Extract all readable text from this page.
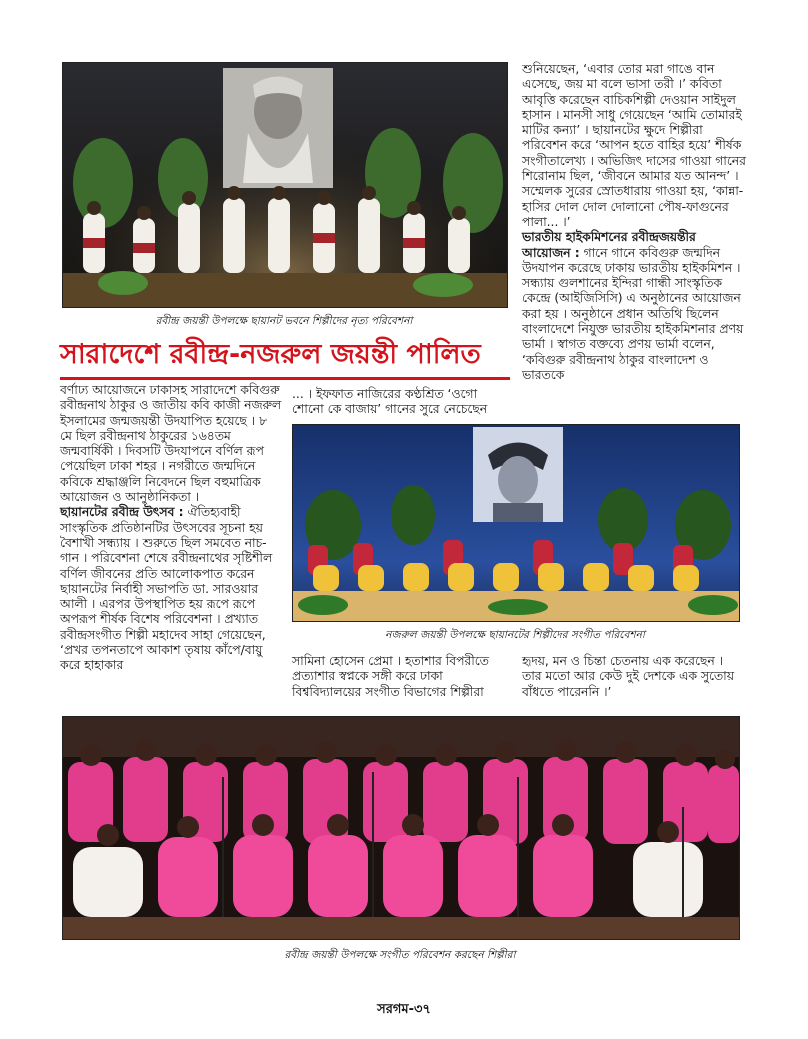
রবীন্দ্র জয়ন্তী উপলক্ষে ছায়ানট ভবনে শিল্পীদের নৃত্য পরিবেশনা
সারাদেশে রবীন্দ্র-নজরুল জয়ন্তী পালিত

শুনিয়েছেন, ‘এবার তোর মরা গাঙে বান এসেছে, জয় মা বলে ভাসা তরী ।’ কবিতা আবৃত্তি করেছেন বাচিকশিল্পী দেওয়ান সাইদুল হাসান । মানসী সাধু গেয়েছেন ‘আমি তোমারই মাটির কন্যা’ । ছায়ানটের ক্ষুদে শিল্পীরা পরিবেশন করে ‘আপন হতে বাহির হয়ে’ শীর্ষক সংগীতালেখ্য । অভিজিৎ দাসের গাওয়া গানের শিরোনাম ছিল, ‘জীবনে আমার যত আনন্দ’ । সম্মেলক সুরের স্রোতধারায় গাওয়া হয়, ‘কান্না-হাসির দোল দোল দোলানো পৌষ-ফাগুনের পালা... ।’

ভারতীয় হাইকমিশনের রবীন্দ্রজয়ন্তীর আয়োজন : গানে গানে কবিগুরু জন্মদিন উদযাপন করেছে ঢাকায় ভারতীয় হাইকমিশন । সন্ধ্যায় গুলশানের ইন্দিরা গান্ধী সাংস্কৃতিক কেন্দ্রে (আইজিসিসি) এ অনুষ্ঠানের আয়োজন করা হয় । অনুষ্ঠানে প্রধান অতিথি ছিলেন বাংলাদেশে নিযুক্ত ভারতীয় হাইকমিশনার প্রণয় ভার্মা । স্বাগত বক্তব্যে প্রণয় ভার্মা বলেন, ‘কবিগুরু রবীন্দ্রনাথ ঠাকুর বাংলাদেশ ও ভারতকে

বর্ণাঢ্য আয়োজনে ঢাকাসহ সারাদেশে কবিগুরু রবীন্দ্রনাথ ঠাকুর ও জাতীয় কবি কাজী নজরুল ইসলামের জন্মজয়ন্তী উদযাপিত হয়েছে । ৮ মে ছিল রবীন্দ্রনাথ ঠাকুরের ১৬৪তম জন্মবার্ষিকী । দিবসটি উদযাপনে বর্ণিল রূপ পেয়েছিল ঢাকা শহর । নগরীতে জন্মদিনে কবিকে শ্রদ্ধাঞ্জলি নিবেদনে ছিল বহুমাত্রিক আয়োজন ও আনুষ্ঠানিকতা ।

ছায়ানটের রবীন্দ্র উৎসব : ঐতিহ্যবাহী সাংস্কৃতিক প্রতিষ্ঠানটির উৎসবের সূচনা হয় বৈশাখী সন্ধ্যায় । শুরুতে ছিল সমবেত নাচ-গান । পরিবেশনা শেষে রবীন্দ্রনাথের সৃষ্টিশীল বর্ণিল জীবনের প্রতি আলোকপাত করেন ছায়ানটের নির্বাহী সভাপতি ডা. সারওয়ার আলী । এরপর উপস্থাপিত হয় রূপে রূপে অপরূপ শীর্ষক বিশেষ পরিবেশনা । প্রখ্যাত রবীন্দ্রসংগীত শিল্পী মহাদেব সাহা গেয়েছেন, ‘প্রখর তপনতাপে আকাশ তৃষায় কাঁপে/বায়ু করে হাহাকার

... । ইফফাত নাজিরের কণ্ঠশ্রিত ‘ওগো শোনো কে বাজায়’ গানের সুরে নেচেছেন
নজরুল জয়ন্তী উপলক্ষে ছায়ানটের শিল্পীদের সংগীত পরিবেশনা
সামিনা হোসেন প্রেমা । হতাশার বিপরীতে প্রত্যাশার স্বপ্নকে সঙ্গী করে ঢাকা বিশ্ববিদ্যালয়ের সংগীত বিভাগের শিল্পীরা
হৃদয়, মন ও চিন্তা চেতনায় এক করেছেন । তার মতো আর কেউ দুই দেশকে এক সুতোয় বাঁধতে পারেননি ।’
রবীন্দ্র জয়ন্তী উপলক্ষে সংগীত পরিবেশন করছেন শিল্পীরা
সরগম-৩৭
